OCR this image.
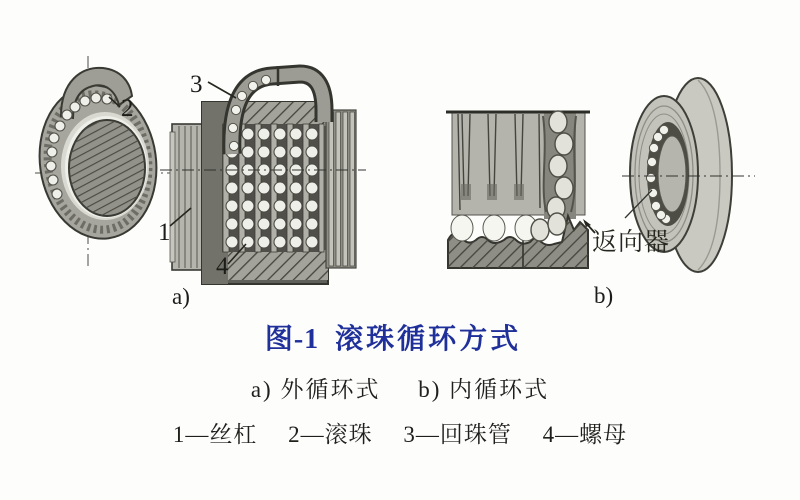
2
3
1
4
a)
返向器
b)
图-1 滚珠循环方式
a) 外循环式 b) 内循环式
1—丝杠 2—滚珠 3—回珠管 4—螺母
